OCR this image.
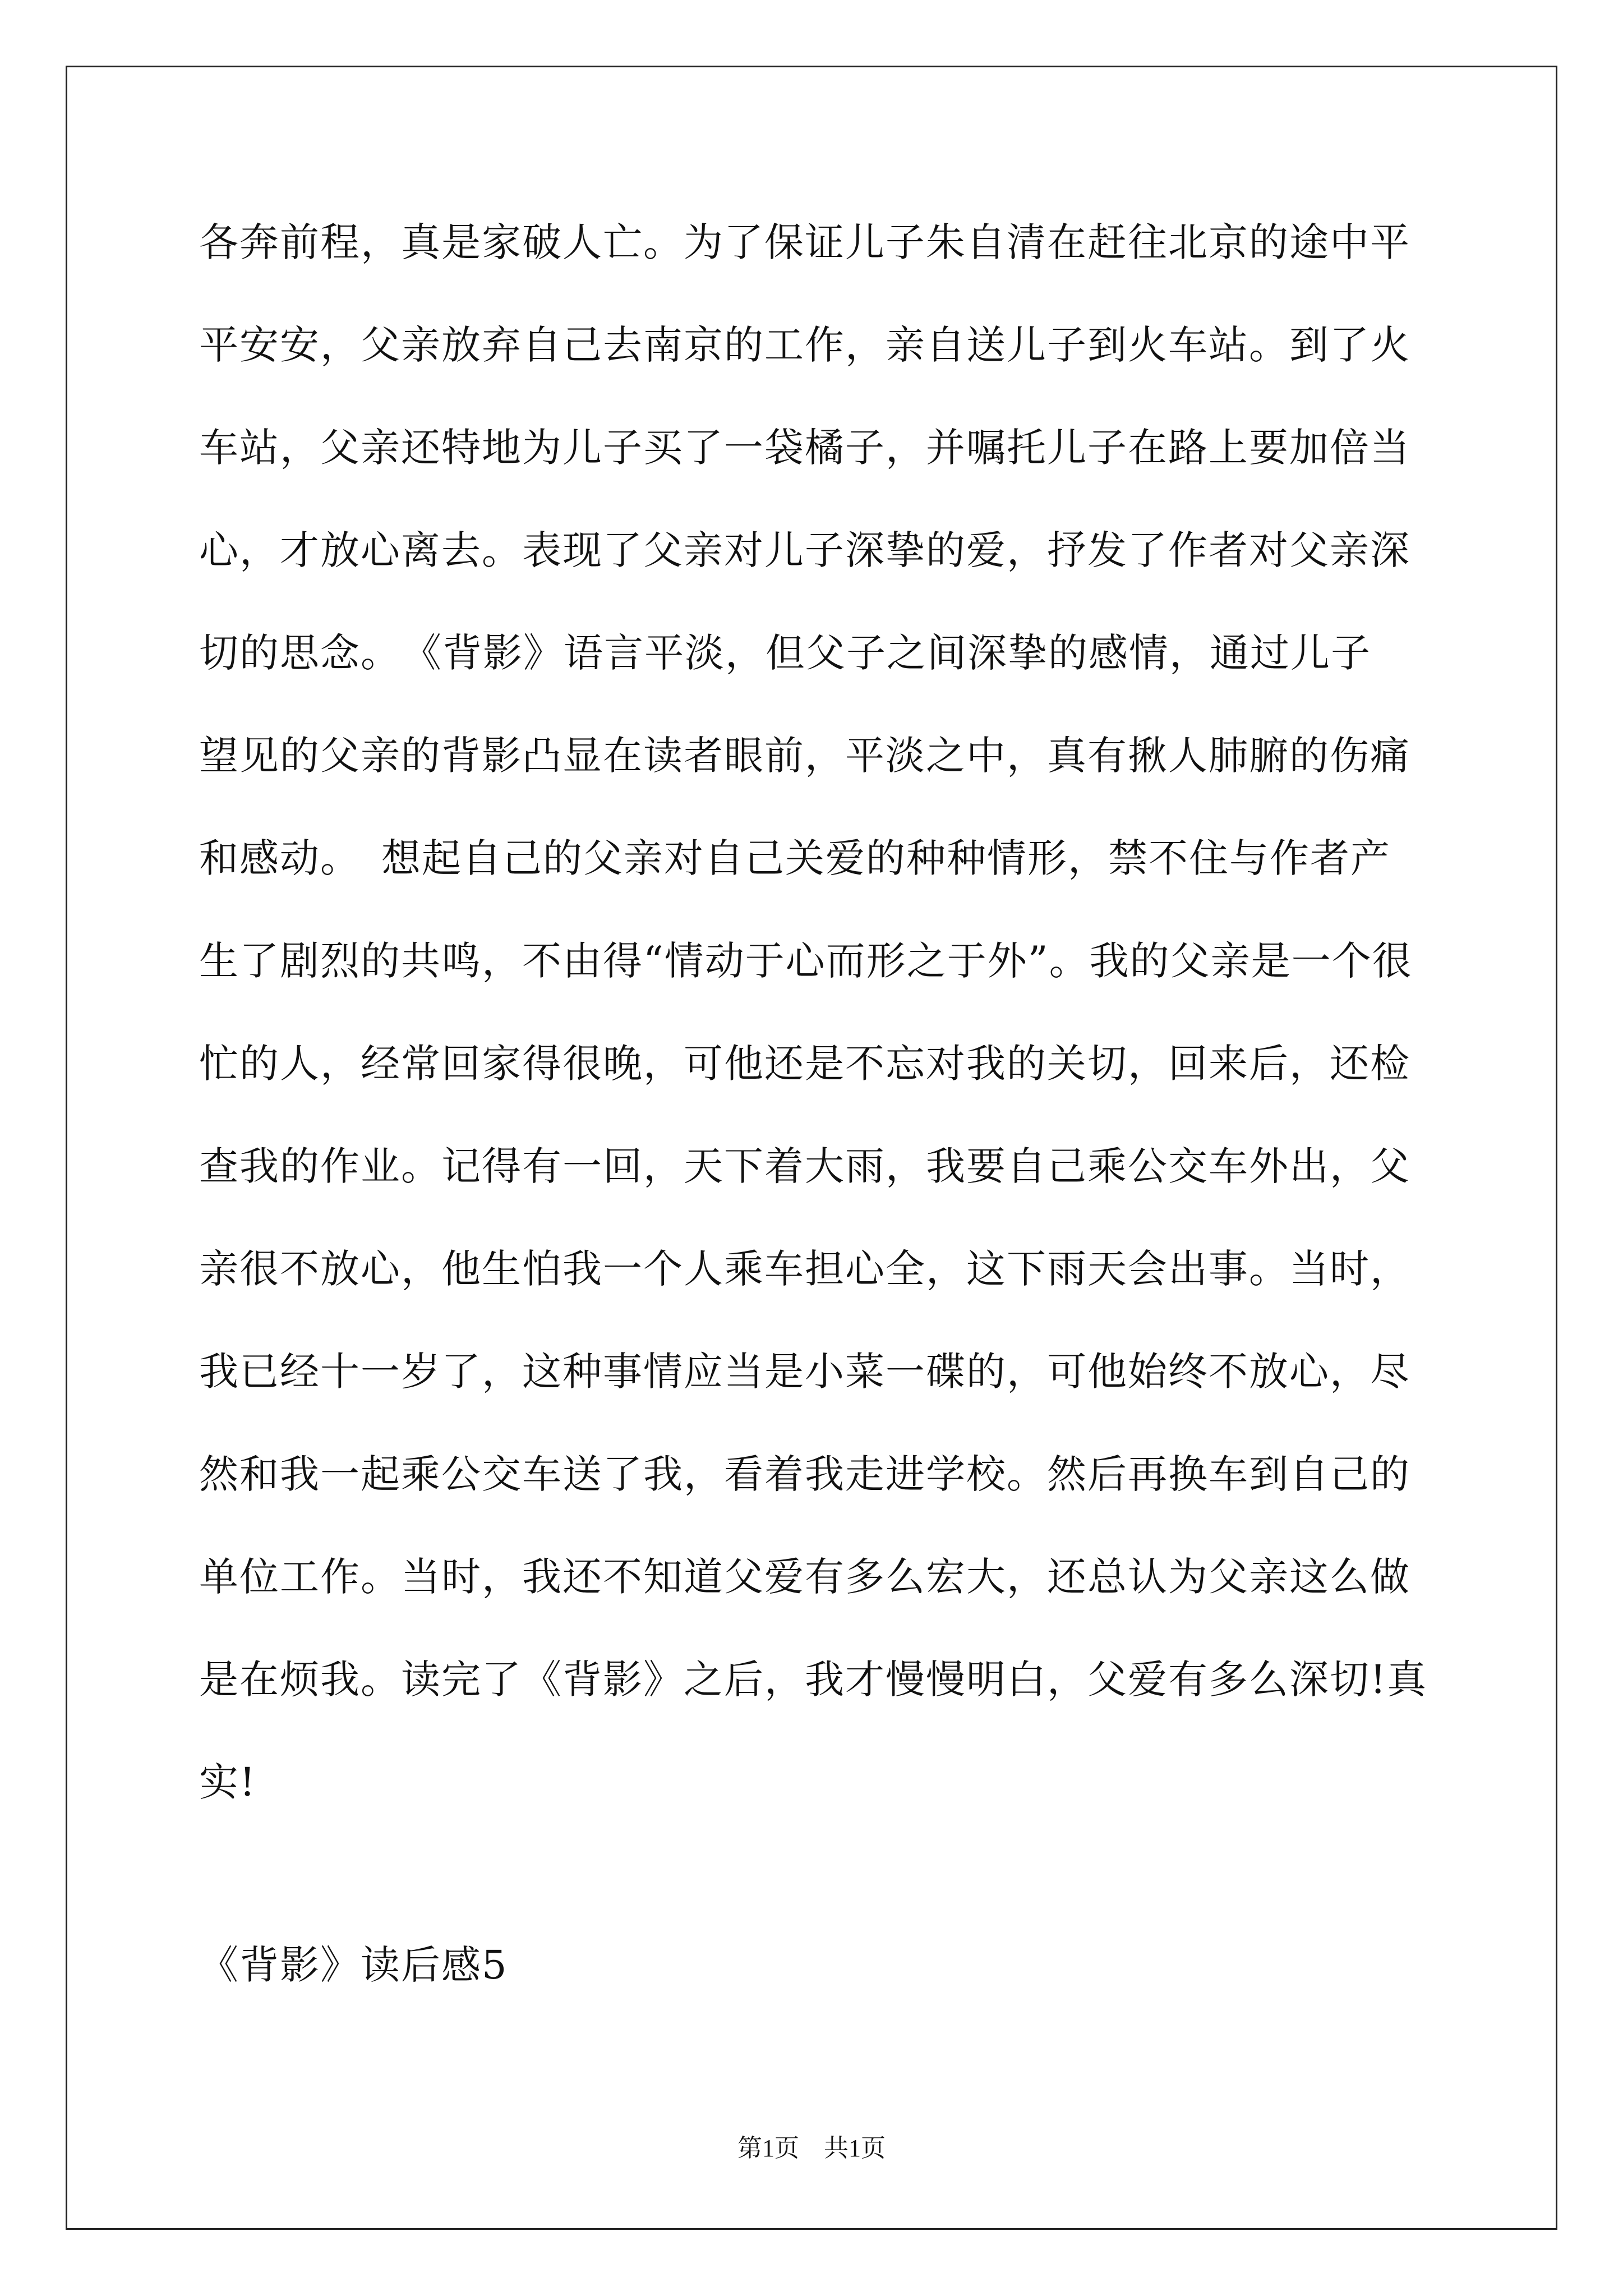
各奔前程，真是家破人亡。为了保证儿子朱自清在赶往北京的途中平
平安安，父亲放弃自己去南京的工作，亲自送儿子到火车站。到了火
车站，父亲还特地为儿子买了一袋橘子，并嘱托儿子在路上要加倍当
心，才放心离去。表现了父亲对儿子深挚的爱，抒发了作者对父亲深
切的思念。　《背影》语言平淡，但父子之间深挚的感情，通过儿子
望见的父亲的背影凸显在读者眼前，平淡之中，真有揪人肺腑的伤痛
和感动。　想起自己的父亲对自己关爱的种种情形，禁不住与作者产
生了剧烈的共鸣，不由得“情动于心而形之于外”。我的父亲是一个很
忙的人，经常回家得很晚，可他还是不忘对我的关切，回来后，还检
查我的作业。记得有一回，天下着大雨，我要自己乘公交车外出，父
亲很不放心，他生怕我一个人乘车担心全，这下雨天会出事。当时，
我已经十一岁了，这种事情应当是小菜一碟的，可他始终不放心，尽
然和我一起乘公交车送了我，看着我走进学校。然后再换车到自己的
单位工作。当时，我还不知道父爱有多么宏大，还总认为父亲这么做
是在烦我。读完了《背影》之后，我才慢慢明白，父爱有多么深切!真
实!
《背影》读后感5
第1页　共1页
